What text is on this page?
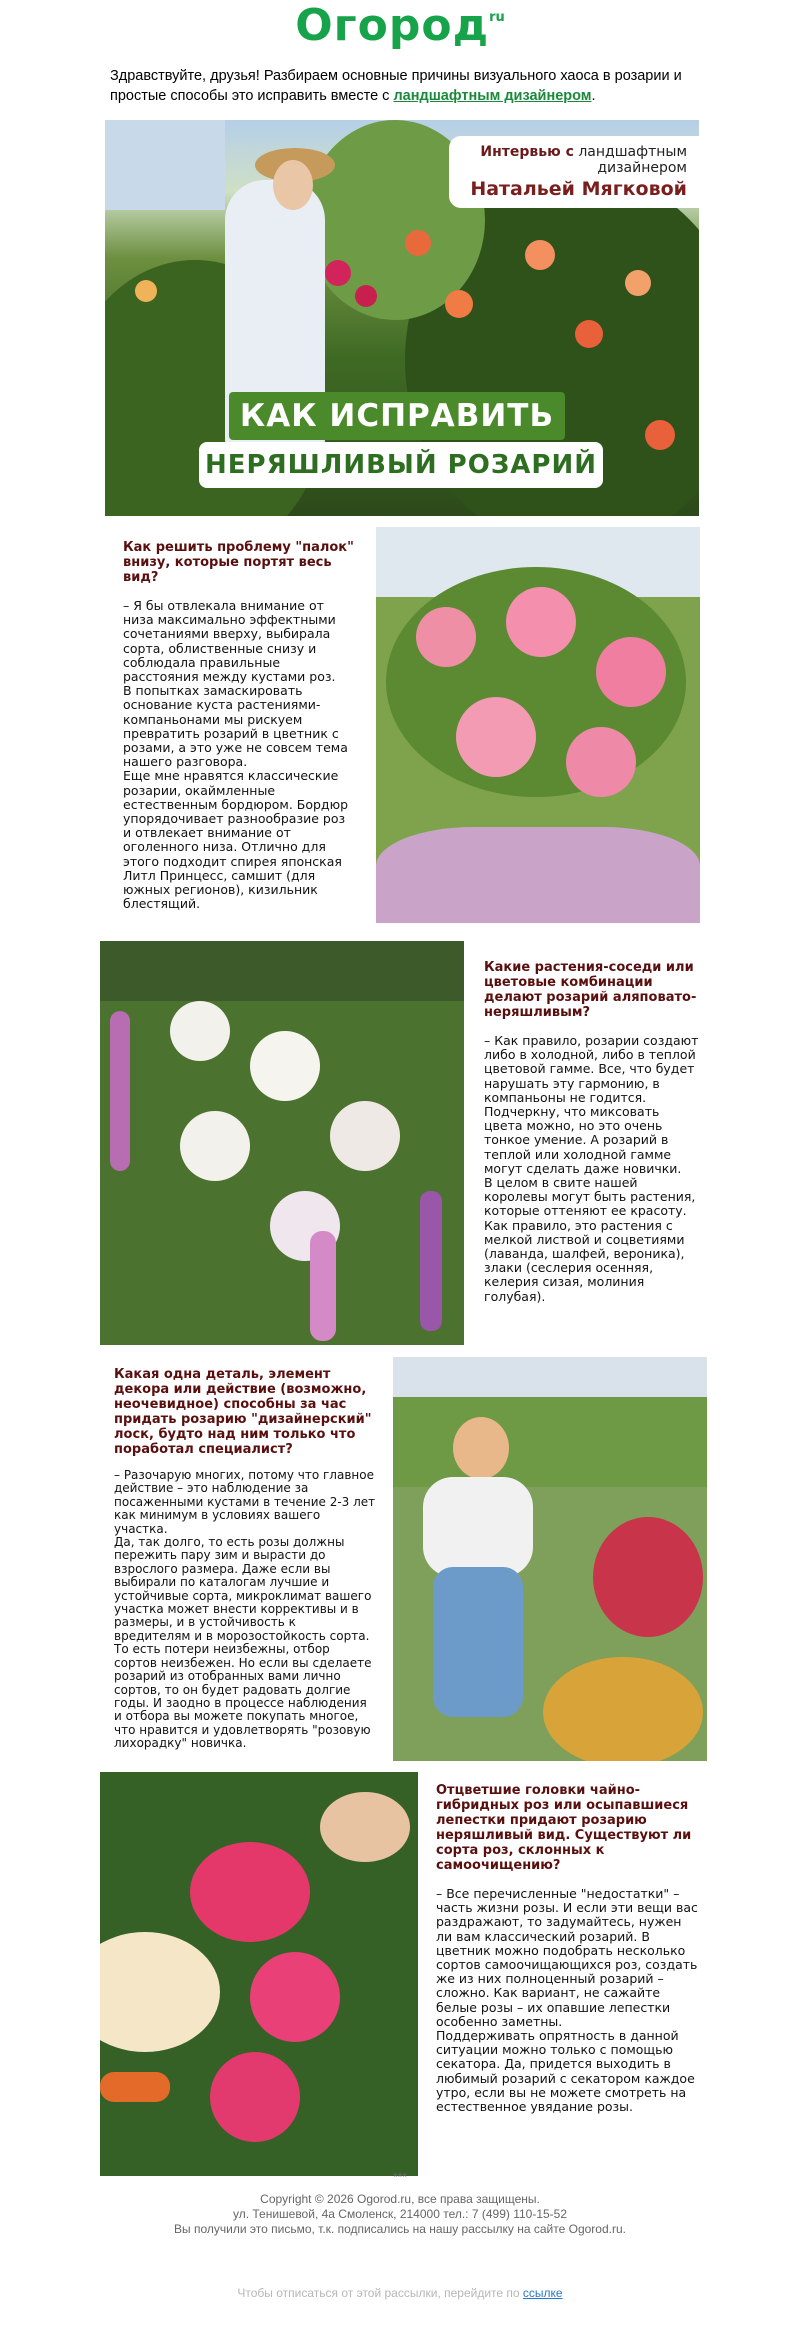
Огород$^{ru}$
Здравствуйте, друзья! Разбираем основные причины визуального хаоса в розарии и простые способы это исправить вместе с ландшафтным дизайнером.
Интервью с ландшафтным
дизайнером
Натальей Мягковой
КАК ИСПРАВИТЬ
НЕРЯШЛИВЫЙ РОЗАРИЙ
Как решить проблему "палок" внизу, которые портят весь вид?
– Я бы отвлекала внимание от низа максимально эффектными сочетаниями вверху, выбирала сорта, облиственные снизу и соблюдала правильные расстояния между кустами роз.
В попытках замаскировать основание куста растениями-компаньонами мы рискуем превратить розарий в цветник с розами, а это уже не совсем тема нашего разговора.
Еще мне нравятся классические розарии, окаймленные естественным бордюром. Бордюр упорядочивает разнообразие роз и отвлекает внимание от оголенного низа. Отлично для этого подходит спирея японская Литл Принцесс, самшит (для южных регионов), кизильник блестящий.
Какие растения-соседи или цветовые комбинации делают розарий аляповато-неряшливым?
– Как правило, розарии создают либо в холодной, либо в теплой цветовой гамме. Все, что будет нарушать эту гармонию, в компаньоны не годится. Подчеркну, что миксовать цвета можно, но это очень тонкое умение. А розарий в теплой или холодной гамме могут сделать даже новички.
В целом в свите нашей королевы могут быть растения, которые оттеняют ее красоту. Как правило, это растения с мелкой листвой и соцветиями (лаванда, шалфей, вероника), злаки (сеслерия осенняя, келерия сизая, молиния голубая).
Какая одна деталь, элемент декора или действие (возможно, неочевидное) способны за час придать розарию "дизайнерский" лоск, будто над ним только что поработал специалист?
– Разочарую многих, потому что главное действие – это наблюдение за посаженными кустами в течение 2-3 лет как минимум в условиях вашего участка.
Да, так долго, то есть розы должны пережить пару зим и вырасти до взрослого размера. Даже если вы выбирали по каталогам лучшие и устойчивые сорта, микроклимат вашего участка может внести коррективы и в размеры, и в устойчивость к вредителям и в морозостойкость сорта.
То есть потери неизбежны, отбор сортов неизбежен. Но если вы сделаете розарий из отобранных вами лично сортов, то он будет радовать долгие годы. И заодно в процессе наблюдения и отбора вы можете покупать многое, что нравится и удовлетворять "розовую лихорадку" новичка.
Отцветшие головки чайно-гибридных роз или осыпавшиеся лепестки придают розарию неряшливый вид. Существуют ли сорта роз, склонных к самоочищению?
– Все перечисленные "недостатки" – часть жизни розы. И если эти вещи вас раздражают, то задумайтесь, нужен ли вам классический розарий. В цветник можно подобрать несколько сортов самоочищающихся роз, создать же из них полноценный розарий – сложно. Как вариант, не сажайте белые розы – их опавшие лепестки особенно заметны.
Поддерживать опрятность в данной ситуации можно только с помощью секатора. Да, придется выходить в любимый розарий с секатором каждое утро, если вы не можете смотреть на естественное увядание розы.
***
Copyright © 2026 Ogorod.ru, все права защищены.
ул. Тенишевой, 4а Смоленск, 214000 тел.: 7 (499) 110-15-52
Вы получили это письмо, т.к. подписались на нашу рассылку на сайте Ogorod.ru.
Чтобы отписаться от этой рассылки, перейдите по ссылке
